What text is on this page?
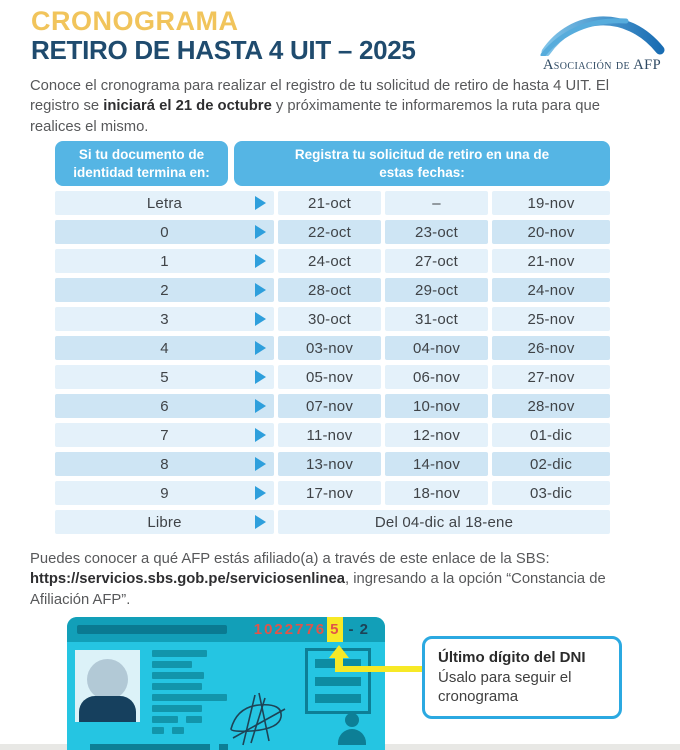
CRONOGRAMA
RETIRO DE HASTA 4 UIT – 2025	Asociación de AFP

Conoce el cronograma para realizar el registro de tu solicitud de retiro de hasta 4 UIT. El registro se iniciará el 21 de octubre y próximamente te informaremos la ruta para que realices el mismo.

Si tu documento de identidad termina en:
Registra tu solicitud de retiro en una de estas fechas:
Letra	21-oct	–	19-nov
0	22-oct	23-oct	20-nov
1	24-oct	27-oct	21-nov
2	28-oct	29-oct	24-nov
3	30-oct	31-oct	25-nov
4	03-nov	04-nov	26-nov
5	05-nov	06-nov	27-nov
6	07-nov	10-nov	28-nov
7	11-nov	12-nov	01-dic
8	13-nov	14-nov	02-dic
9	17-nov	18-nov	03-dic
Libre	Del 04-dic al 18-ene

Puedes conocer a qué AFP estás afiliado(a) a través de este enlace de la SBS: https://servicios.sbs.gob.pe/serviciosenlinea, ingresando a la opción “Constancia de Afiliación AFP”.

1022776 5 - 2
Último dígito del DNI
Úsalo para seguir el cronograma
